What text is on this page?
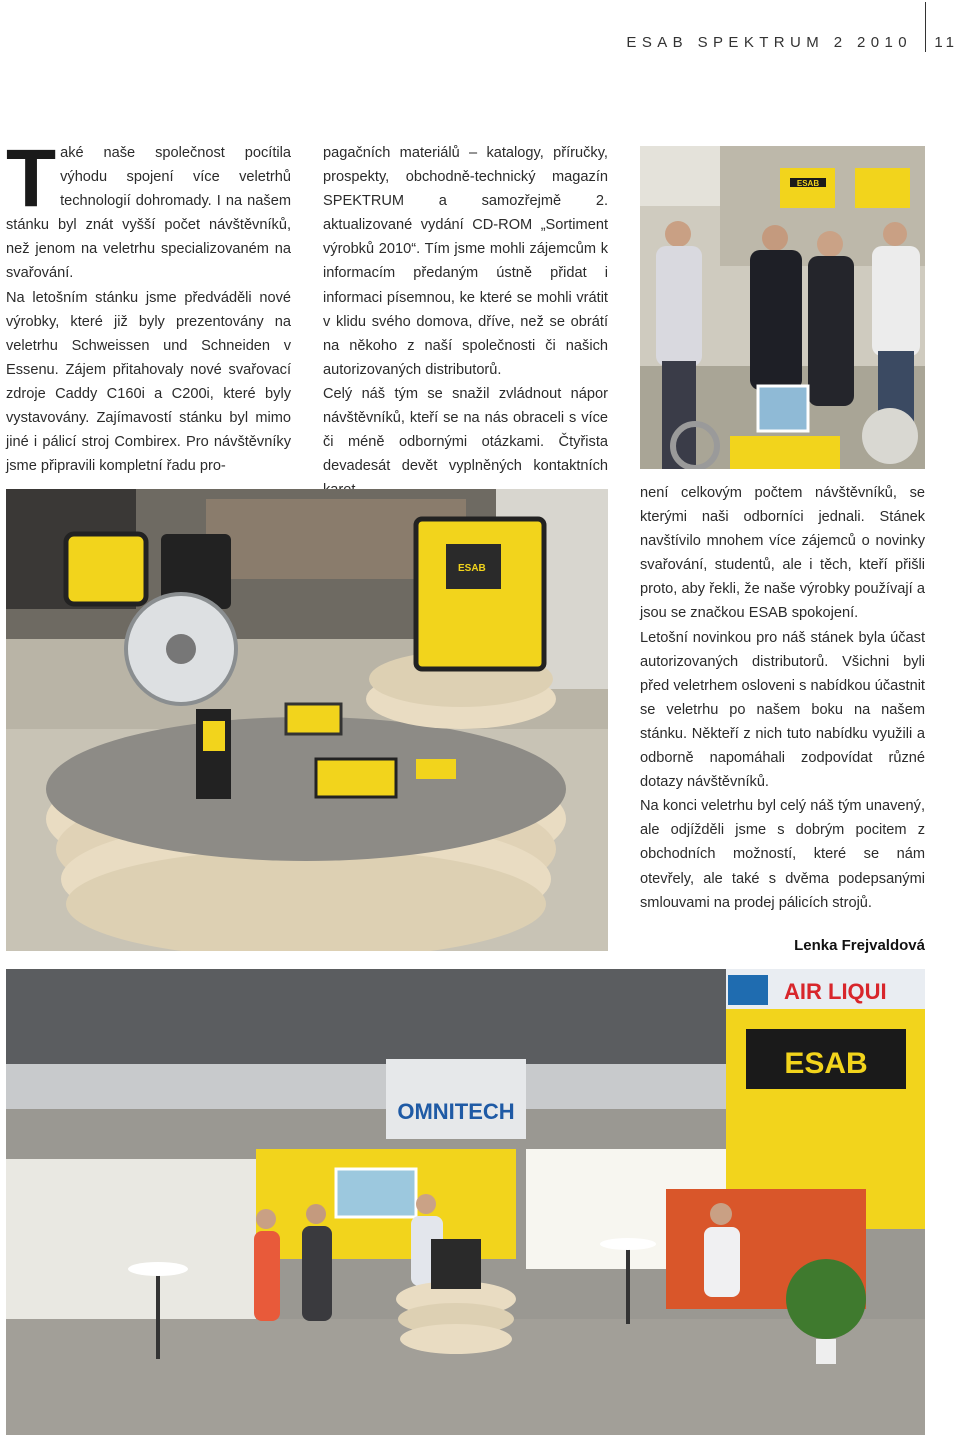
ESAB SPEKTRUM 2 2010 11

Také naše společnost pocítila výhodu spojení více veletrhů technologií dohromady. I na našem stánku byl znát vyšší počet návštěvníků, než jenom na veletrhu specializovaném na svařování.

Na letošním stánku jsme předváděli nové výrobky, které již byly prezentovány na veletrhu Schweissen und Schneiden v Essenu. Zájem přitahovaly nové svařovací zdroje Caddy C160i a C200i, které byly vystavovány. Zajímavostí stánku byl mimo jiné i pálicí stroj Combirex. Pro návštěvníky jsme připravili kompletní řadu pro-

pagačních materiálů – katalogy, příručky, prospekty, obchodně-technický magazín SPEKTRUM a samozřejmě 2. aktualizované vydání CD-ROM „Sortiment výrobků 2010“. Tím jsme mohli zájemcům k informacím předaným ústně přidat i informaci písemnou, ke které se mohli vrátit v klidu svého domova, dříve, než se obrátí na někoho z naší společnosti či našich autorizovaných distributorů.

Celý náš tým se snažil zvládnout nápor návštěvníků, kteří se na nás obraceli s více či méně odbornými otázkami. Čtyřista devadesát devět vyplněných kontaktních

není celkovým počtem návštěvníků, se kterými naši odborníci jednali. Stánek navštívilo mnohem více zájemců o novinky svařování, studentů, ale i těch, kteří přišli proto, aby řekli, že naše výrobky používají a jsou se značkou ESAB spokojení.

Letošní novinkou pro náš stánek byla účast autorizovaných distributorů. Všichni byli před veletrhem osloveni s nabídkou účastnit se veletrhu po našem boku na našem stánku. Někteří z nich tuto nabídku využili a odborně napomáhali zodpovídat různé dotazy návštěvníků.

Na konci veletrhu byl celý náš tým unavený, ale odjížděli jsme s dobrým pocitem z obchodních možností, které se nám otevřely, ale také s dvěma podepsanými smlouvami na prodej pálicích strojů.

Lenka Frejvaldová
ESAB
ESAB
ESAB
AIR LIQUI
OMNITECH
